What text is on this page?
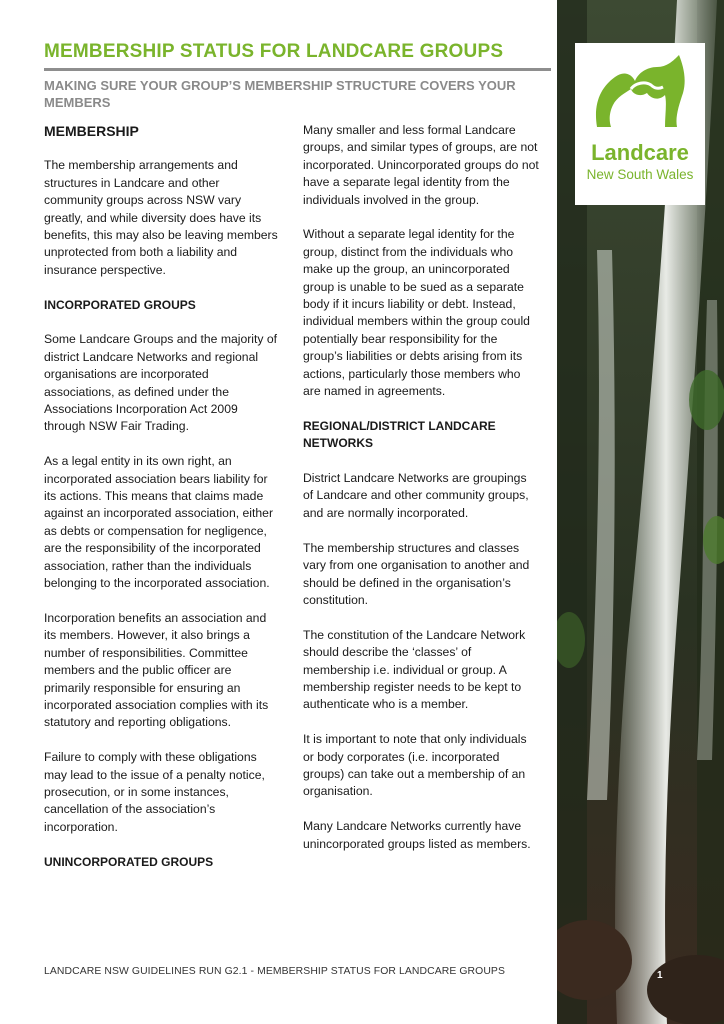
MEMBERSHIP STATUS FOR LANDCARE GROUPS
MAKING SURE YOUR GROUP’S MEMBERSHIP STRUCTURE COVERS YOUR MEMBERS
MEMBERSHIP

The membership arrangements and structures in Landcare and other community groups across NSW vary greatly, and while diversity does have its benefits, this may also be leaving members unprotected from both a liability and insurance perspective.

INCORPORATED GROUPS

Some Landcare Groups and the majority of district Landcare Networks and regional organisations are incorporated associations, as defined under the Associations Incorporation Act 2009 through NSW Fair Trading.

As a legal entity in its own right, an incorporated association bears liability for its actions. This means that claims made against an incorporated association, either as debts or compensation for negligence, are the responsibility of the incorporated association, rather than the individuals belonging to the incorporated association.

Incorporation benefits an association and its members. However, it also brings a number of responsibilities. Committee members and the public officer are primarily responsible for ensuring an incorporated association complies with its statutory and reporting obligations.

Failure to comply with these obligations may lead to the issue of a penalty notice, prosecution, or in some instances, cancellation of the association’s incorporation.

UNINCORPORATED GROUPS

Many smaller and less formal Landcare groups, and similar types of groups, are not incorporated. Unincorporated groups do not have a separate legal identity from the individuals involved in the group.

Without a separate legal identity for the group, distinct from the individuals who make up the group, an unincorporated group is unable to be sued as a separate body if it incurs liability or debt. Instead, individual members within the group could potentially bear responsibility for the group’s liabilities or debts arising from its actions, particularly those members who are named in agreements.

REGIONAL/DISTRICT LANDCARE NETWORKS

District Landcare Networks are groupings of Landcare and other community groups, and are normally incorporated.

The membership structures and classes vary from one organisation to another and should be defined in the organisation’s constitution.

The constitution of the Landcare Network should describe the ‘classes’ of membership i.e. individual or group. A membership register needs to be kept to authenticate who is a member.

It is important to note that only individuals or body corporates (i.e. incorporated groups) can take out a membership of an organisation.

Many Landcare Networks currently have unincorporated groups listed as members.

LANDCARE NSW GUIDELINES RUN G2.1 - MEMBERSHIP STATUS FOR LANDCARE GROUPS
Landcare
New South Wales
1
